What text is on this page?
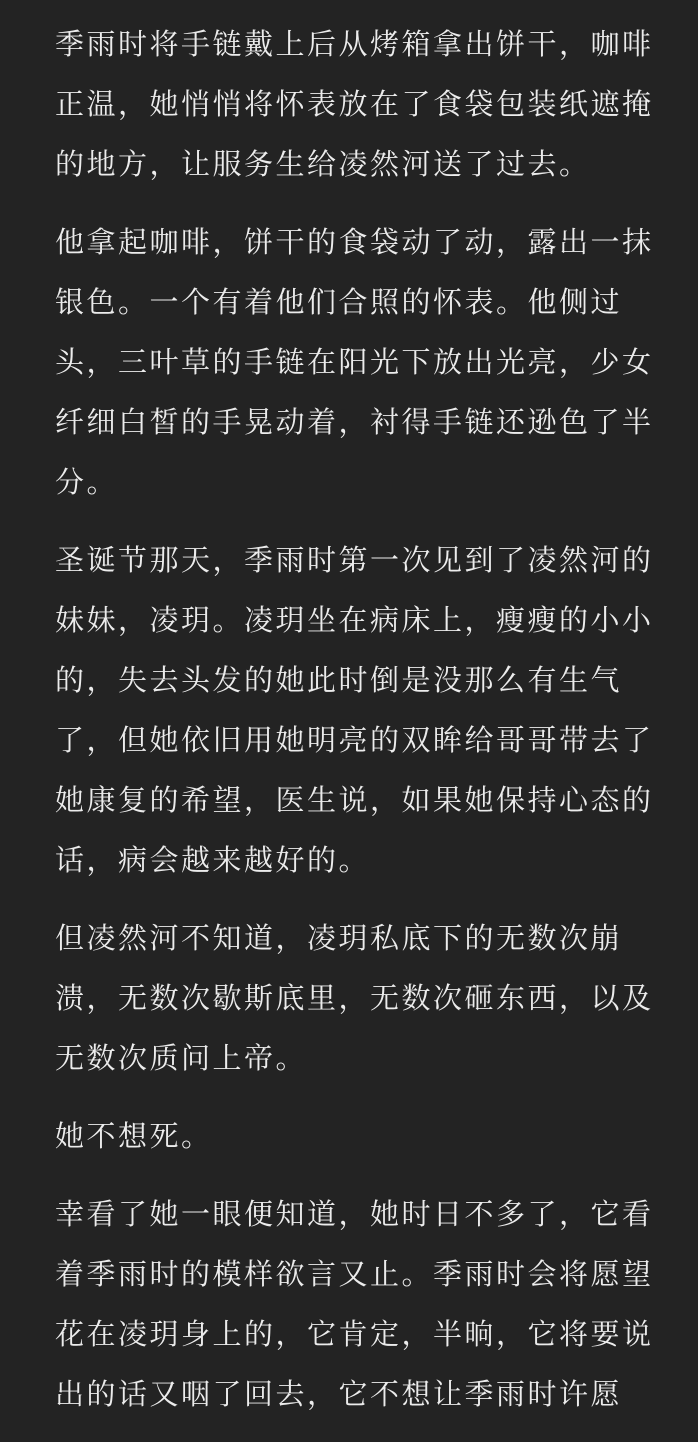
季雨时将手链戴上后从烤箱拿出饼干，咖啡正温，她悄悄将怀表放在了食袋包装纸遮掩的地方，让服务生给凌然河送了过去。

他拿起咖啡，饼干的食袋动了动，露出一抹银色。一个有着他们合照的怀表。他侧过头，三叶草的手链在阳光下放出光亮，少女纤细白皙的手晃动着，衬得手链还逊色了半分。

圣诞节那天，季雨时第一次见到了凌然河的妹妹，凌玥。凌玥坐在病床上，瘦瘦的小小的，失去头发的她此时倒是没那么有生气了，但她依旧用她明亮的双眸给哥哥带去了她康复的希望，医生说，如果她保持心态的话，病会越来越好的。

但凌然河不知道，凌玥私底下的无数次崩溃，无数次歇斯底里，无数次砸东西，以及无数次质问上帝。

她不想死。

幸看了她一眼便知道，她时日不多了，它看着季雨时的模样欲言又止。季雨时会将愿望花在凌玥身上的，它肯定，半晌，它将要说出的话又咽了回去，它不想让季雨时许愿
